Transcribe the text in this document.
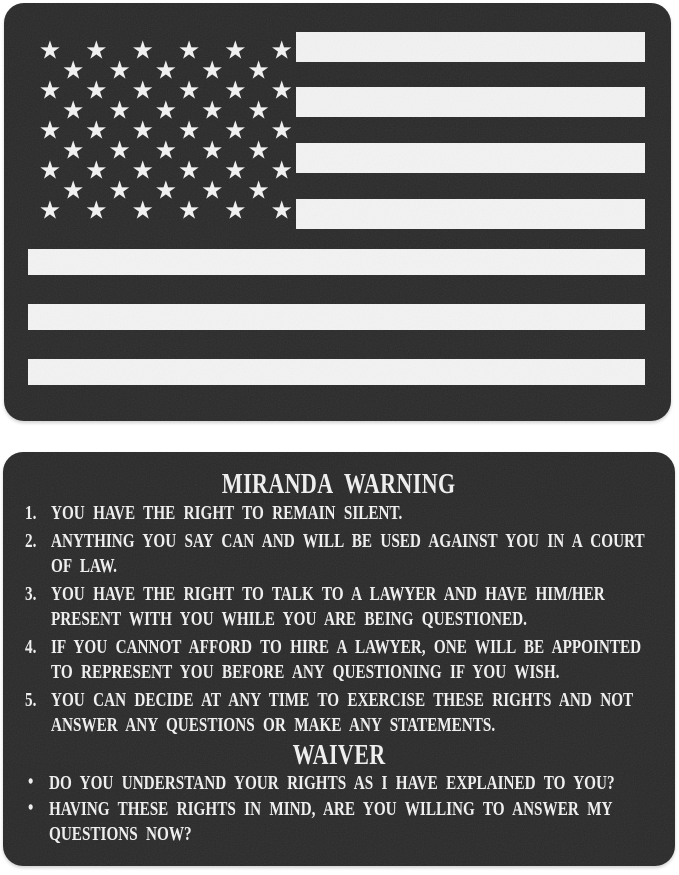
★ ★ ★ ★ ★ ★
★ ★ ★ ★ ★
★ ★ ★ ★ ★ ★
★ ★ ★ ★ ★
★ ★ ★ ★ ★ ★
★ ★ ★ ★ ★
★ ★ ★ ★ ★ ★
★ ★ ★ ★ ★
★ ★ ★ ★ ★ ★
MIRANDA WARNING
1. YOU HAVE THE RIGHT TO REMAIN SILENT.
2. ANYTHING YOU SAY CAN AND WILL BE USED AGAINST YOU IN A COURT
OF LAW.
3. YOU HAVE THE RIGHT TO TALK TO A LAWYER AND HAVE HIM/HER
PRESENT WITH YOU WHILE YOU ARE BEING QUESTIONED.
4. IF YOU CANNOT AFFORD TO HIRE A LAWYER, ONE WILL BE APPOINTED
TO REPRESENT YOU BEFORE ANY QUESTIONING IF YOU WISH.
5. YOU CAN DECIDE AT ANY TIME TO EXERCISE THESE RIGHTS AND NOT
ANSWER ANY QUESTIONS OR MAKE ANY STATEMENTS.
WAIVER
• DO YOU UNDERSTAND YOUR RIGHTS AS I HAVE EXPLAINED TO YOU?
• HAVING THESE RIGHTS IN MIND, ARE YOU WILLING TO ANSWER MY
QUESTIONS NOW?
